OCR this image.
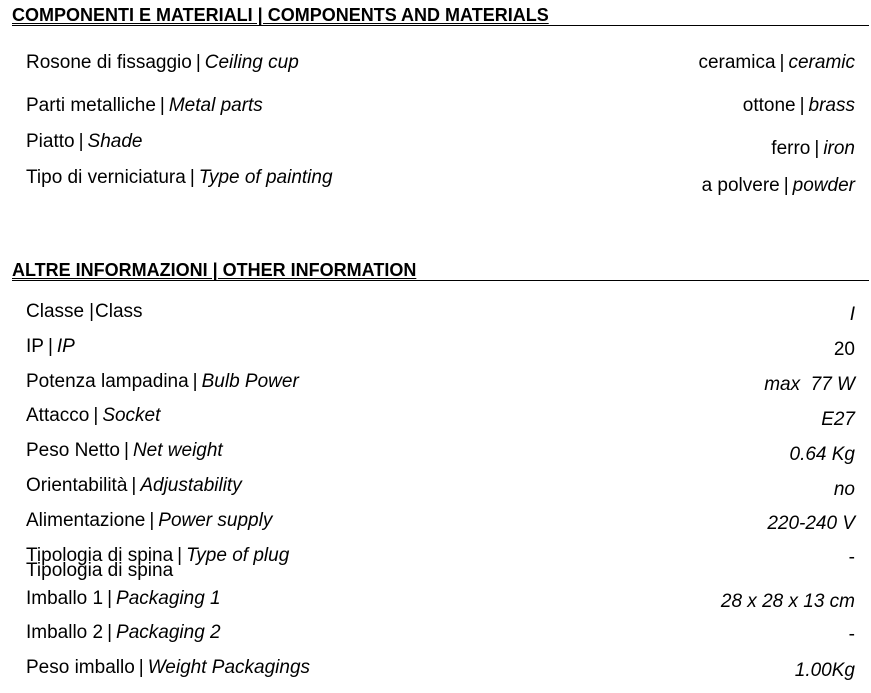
COMPONENTI E MATERIALI | COMPONENTS AND MATERIALS
Rosone di fissaggio | Ceiling cup	ceramica | ceramic
Parti metalliche | Metal parts	ottone | brass
Piatto | Shade	ferro | iron
Tipo di verniciatura | Type of painting	a polvere | powder
ALTRE INFORMAZIONI | OTHER INFORMATION
Classe |Class	I
IP | IP	20
Potenza lampadina | Bulb Power	max  77 W
Attacco | Socket	E27
Peso Netto | Net weight	0.64 Kg
Orientabilità | Adjustability	no
Alimentazione | Power supply	220-240 V
Tipologia di spina | Type of plug	-
Tipologia di spina
Imballo 1 | Packaging 1	28 x 28 x 13 cm
Imballo 2 | Packaging 2	-
Peso imballo | Weight Packagings	1.00Kg
